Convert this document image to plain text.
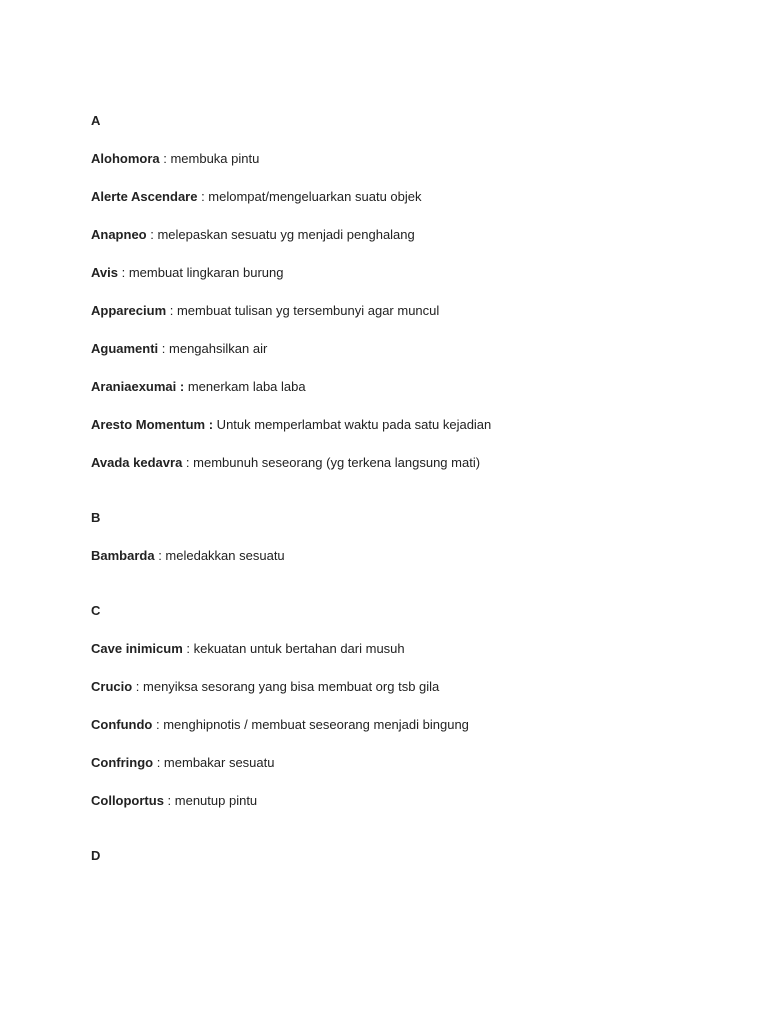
A
Alohomora : membuka pintu
Alerte Ascendare : melompat/mengeluarkan suatu objek
Anapneo : melepaskan sesuatu yg menjadi penghalang
Avis : membuat lingkaran burung
Apparecium : membuat tulisan yg tersembunyi agar muncul
Aguamenti : mengahsilkan air
Araniaexumai : menerkam laba laba
Aresto Momentum : Untuk memperlambat waktu pada satu kejadian
Avada kedavra : membunuh seseorang (yg terkena langsung mati)
B
Bambarda : meledakkan sesuatu
C
Cave inimicum : kekuatan untuk bertahan dari musuh
Crucio : menyiksa sesorang yang bisa membuat org tsb gila
Confundo : menghipnotis / membuat seseorang menjadi bingung
Confringo : membakar sesuatu
Colloportus : menutup pintu
D
